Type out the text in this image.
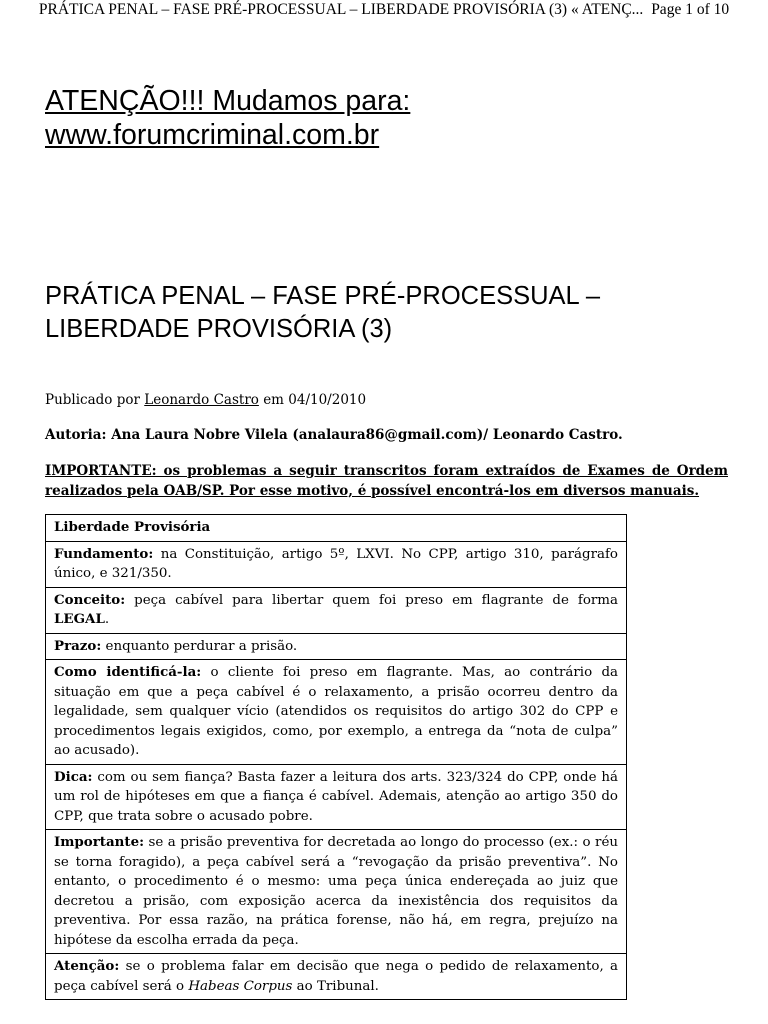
PRÁTICA PENAL – FASE PRÉ-PROCESSUAL – LIBERDADE PROVISÓRIA (3) « ATENÇ... Page 1 of 10
ATENÇÃO!!! Mudamos para:
www.forumcriminal.com.br
PRÁTICA PENAL – FASE PRÉ-PROCESSUAL –
LIBERDADE PROVISÓRIA (3)
Publicado por Leonardo Castro em 04/10/2010
Autoria: Ana Laura Nobre Vilela (analaura86@gmail.com)/ Leonardo Castro.
IMPORTANTE: os problemas a seguir transcritos foram extraídos de Exames de Ordem realizados pela OAB/SP. Por esse motivo, é possível encontrá-los em diversos manuais.
Liberdade Provisória
Fundamento: na Constituição, artigo 5º, LXVI. No CPP, artigo 310, parágrafo único, e 321/350.
Conceito: peça cabível para libertar quem foi preso em flagrante de forma LEGAL.
Prazo: enquanto perdurar a prisão.
Como identificá-la: o cliente foi preso em flagrante. Mas, ao contrário da situação em que a peça cabível é o relaxamento, a prisão ocorreu dentro da legalidade, sem qualquer vício (atendidos os requisitos do artigo 302 do CPP e procedimentos legais exigidos, como, por exemplo, a entrega da “nota de culpa” ao acusado).
Dica: com ou sem fiança? Basta fazer a leitura dos arts. 323/324 do CPP, onde há um rol de hipóteses em que a fiança é cabível. Ademais, atenção ao artigo 350 do CPP, que trata sobre o acusado pobre.
Importante: se a prisão preventiva for decretada ao longo do processo (ex.: o réu se torna foragido), a peça cabível será a “revogação da prisão preventiva”. No entanto, o procedimento é o mesmo: uma peça única endereçada ao juiz que decretou a prisão, com exposição acerca da inexistência dos requisitos da preventiva. Por essa razão, na prática forense, não há, em regra, prejuízo na hipótese da escolha errada da peça.
Atenção: se o problema falar em decisão que nega o pedido de relaxamento, a peça cabível será o Habeas Corpus ao Tribunal.
